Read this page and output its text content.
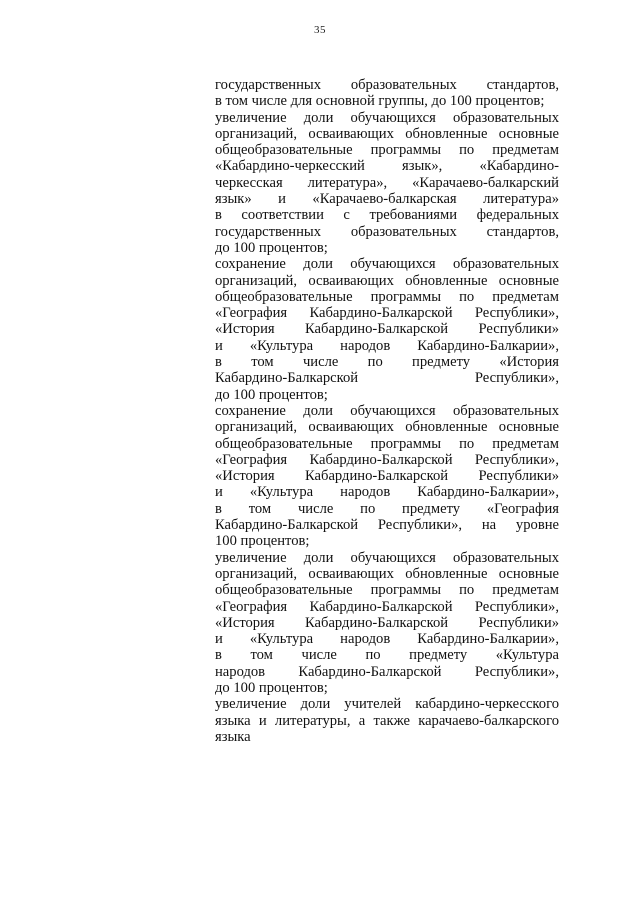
35
государственных образовательных стандартов,
в том числе для основной группы, до 100 процентов;
увеличение доли обучающихся образовательных
организаций, осваивающих обновленные основные
общеобразовательные программы по предметам
«Кабардино-черкесский язык», «Кабардино-
черкесская литература», «Карачаево-балкарский
язык» и «Карачаево-балкарская литература»
в соответствии с требованиями федеральных
государственных образовательных стандартов,
до 100 процентов;
сохранение доли обучающихся образовательных
организаций, осваивающих обновленные основные
общеобразовательные программы по предметам
«География Кабардино-Балкарской Республики»,
«История Кабардино-Балкарской Республики»
и «Культура народов Кабардино-Балкарии»,
в том числе по предмету «История
Кабардино-Балкарской Республики»,
до 100 процентов;
сохранение доли обучающихся образовательных
организаций, осваивающих обновленные основные
общеобразовательные программы по предметам
«География Кабардино-Балкарской Республики»,
«История Кабардино-Балкарской Республики»
и «Культура народов Кабардино-Балкарии»,
в том числе по предмету «География
Кабардино-Балкарской Республики», на уровне
100 процентов;
увеличение доли обучающихся образовательных
организаций, осваивающих обновленные основные
общеобразовательные программы по предметам
«География Кабардино-Балкарской Республики»,
«История Кабардино-Балкарской Республики»
и «Культура народов Кабардино-Балкарии»,
в том числе по предмету «Культура
народов Кабардино-Балкарской Республики»,
до 100 процентов;
увеличение доли учителей кабардино-черкесского
языка и литературы, а также карачаево-балкарского
языка
